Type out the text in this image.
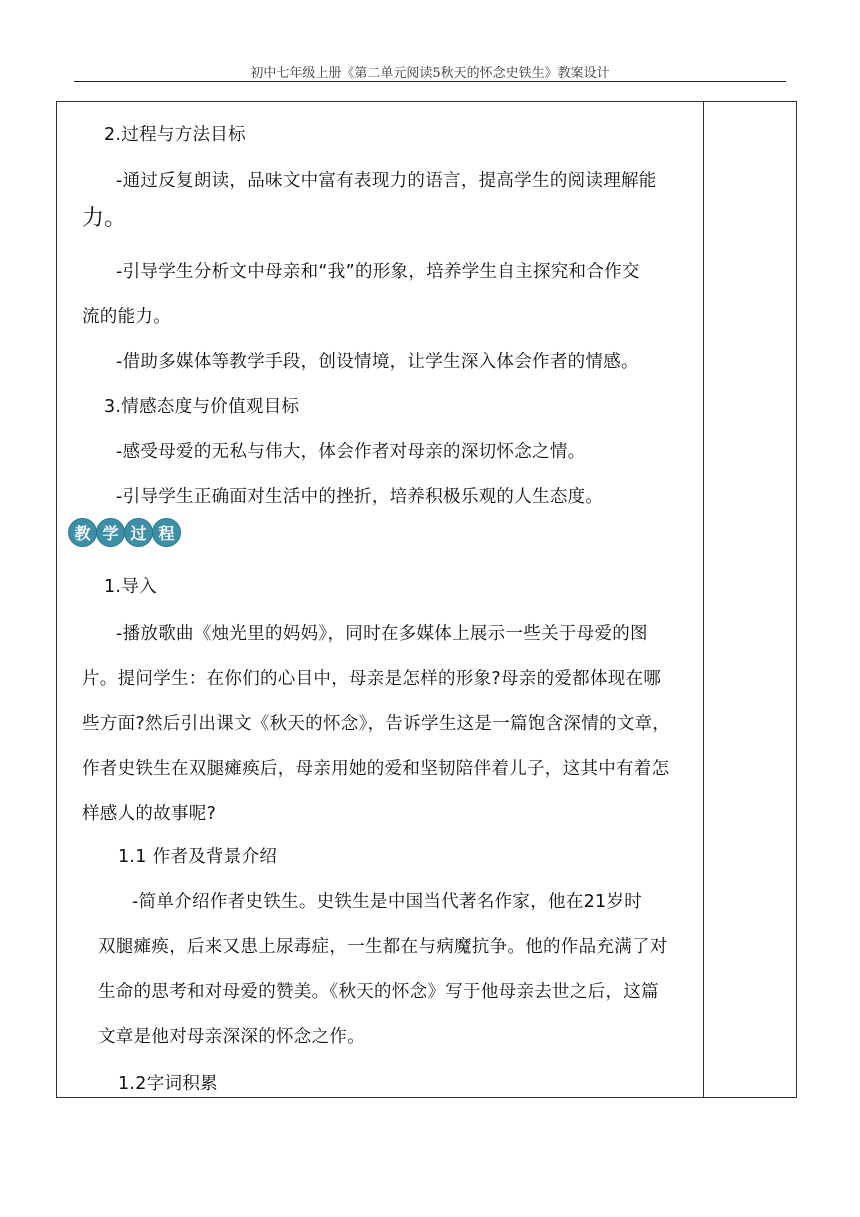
初中七年级上册《第二单元阅读5秋天的怀念史铁生》教案设计
2.过程与方法目标
-通过反复朗读，品味文中富有表现力的语言，提高学生的阅读理解能
力。
-引导学生分析文中母亲和“我”的形象，培养学生自主探究和合作交
流的能力。
-借助多媒体等教学手段，创设情境，让学生深入体会作者的情感。
3.情感态度与价值观目标
-感受母爱的无私与伟大，体会作者对母亲的深切怀念之情。
-引导学生正确面对生活中的挫折，培养积极乐观的人生态度。
教 学 过 程
1.导入
-播放歌曲《烛光里的妈妈》，同时在多媒体上展示一些关于母爱的图
片。提问学生：在你们的心目中，母亲是怎样的形象?母亲的爱都体现在哪
些方面?然后引出课文《秋天的怀念》，告诉学生这是一篇饱含深情的文章，
作者史铁生在双腿瘫痪后，母亲用她的爱和坚韧陪伴着儿子，这其中有着怎
样感人的故事呢?
1.1 作者及背景介绍
-简单介绍作者史铁生。史铁生是中国当代著名作家，他在21岁时
双腿瘫痪，后来又患上尿毒症，一生都在与病魔抗争。他的作品充满了对
生命的思考和对母爱的赞美。《秋天的怀念》写于他母亲去世之后，这篇
文章是他对母亲深深的怀念之作。
1.2字词积累
